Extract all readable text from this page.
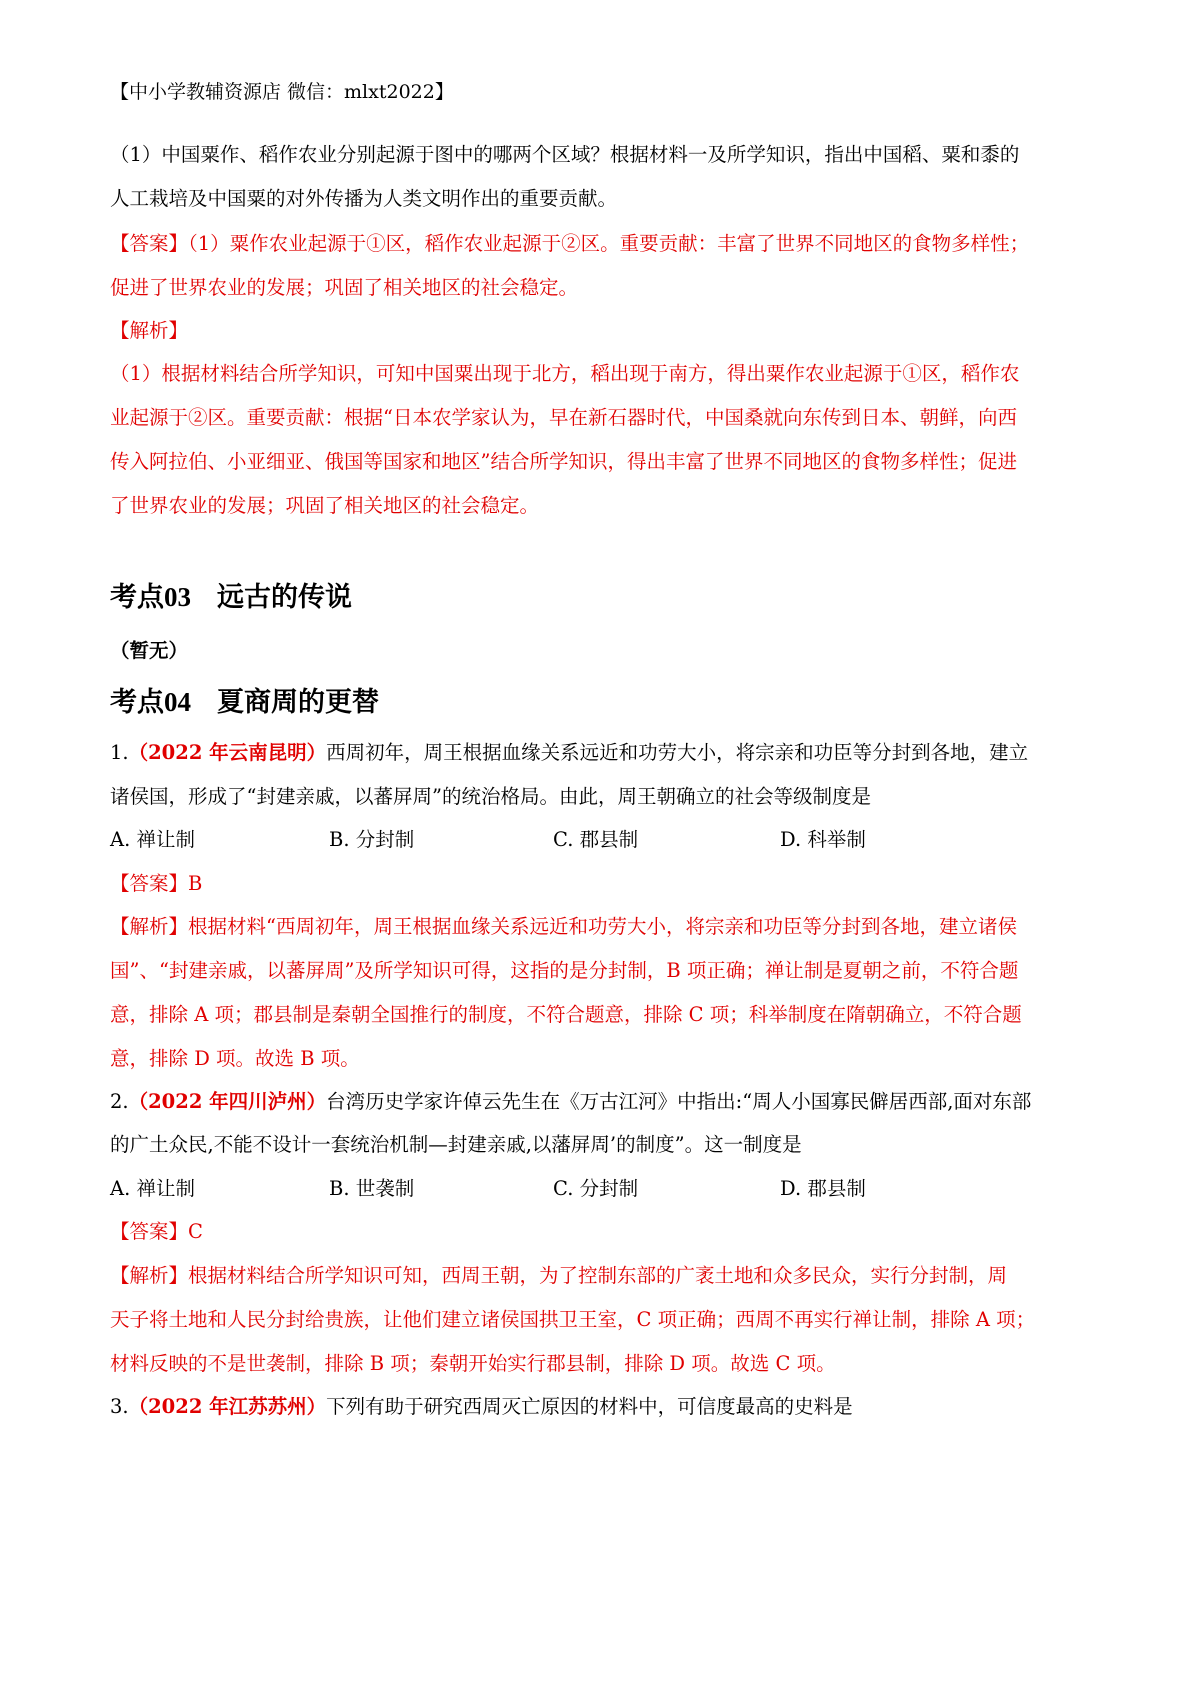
【中小学教辅资源店 微信：mlxt2022】
（1）中国粟作、稻作农业分别起源于图中的哪两个区域？根据材料一及所学知识，指出中国稻、粟和黍的
人工栽培及中国粟的对外传播为人类文明作出的重要贡献。
【答案】（1）粟作农业起源于①区，稻作农业起源于②区。重要贡献：丰富了世界不同地区的食物多样性；
促进了世界农业的发展；巩固了相关地区的社会稳定。
【解析】
（1）根据材料结合所学知识，可知中国粟出现于北方，稻出现于南方，得出粟作农业起源于①区，稻作农
业起源于②区。重要贡献：根据“日本农学家认为，早在新石器时代，中国桑就向东传到日本、朝鲜，向西
传入阿拉伯、小亚细亚、俄国等国家和地区”结合所学知识，得出丰富了世界不同地区的食物多样性；促进
了世界农业的发展；巩固了相关地区的社会稳定。
考点03 远古的传说
（暂无）
考点04 夏商周的更替
1.（2022 年云南昆明）西周初年，周王根据血缘关系远近和功劳大小，将宗亲和功臣等分封到各地，建立
诸侯国，形成了“封建亲戚，以蕃屏周”的统治格局。由此，周王朝确立的社会等级制度是
A. 禅让制	B. 分封制	C. 郡县制	D. 科举制
【答案】B
【解析】根据材料“西周初年，周王根据血缘关系远近和功劳大小，将宗亲和功臣等分封到各地，建立诸侯
国”、“封建亲戚，以蕃屏周”及所学知识可得，这指的是分封制，B 项正确；禅让制是夏朝之前，不符合题
意，排除 A 项；郡县制是秦朝全国推行的制度，不符合题意，排除 C 项；科举制度在隋朝确立，不符合题
意，排除 D 项。故选 B 项。
2.（2022 年四川泸州）台湾历史学家许倬云先生在《万古江河》中指出:“周人小国寡民僻居西部,面对东部
的广土众民,不能不设计一套统治机制—封建亲戚,以藩屏周’的制度”。这一制度是
A. 禅让制	B. 世袭制	C. 分封制	D. 郡县制
【答案】C
【解析】根据材料结合所学知识可知，西周王朝，为了控制东部的广袤土地和众多民众，实行分封制，周
天子将土地和人民分封给贵族，让他们建立诸侯国拱卫王室，C 项正确；西周不再实行禅让制，排除 A 项；
材料反映的不是世袭制，排除 B 项；秦朝开始实行郡县制，排除 D 项。故选 C 项。
3.（2022 年江苏苏州）下列有助于研究西周灭亡原因的材料中，可信度最高的史料是
